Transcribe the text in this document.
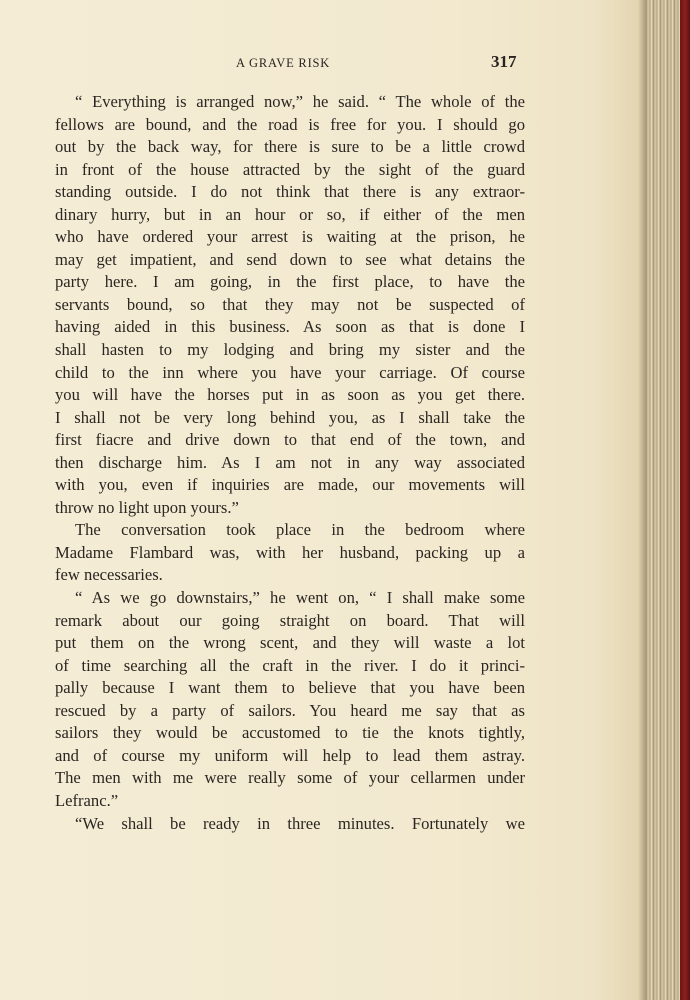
A GRAVE RISK	317
“ Everything is arranged now,” he said. “ The whole of the
fellows are bound, and the road is free for you. I should go
out by the back way, for there is sure to be a little crowd
in front of the house attracted by the sight of the guard
standing outside. I do not think that there is any extraor-
dinary hurry, but in an hour or so, if either of the men
who have ordered your arrest is waiting at the prison, he
may get impatient, and send down to see what detains the
party here. I am going, in the first place, to have the
servants bound, so that they may not be suspected of
having aided in this business. As soon as that is done I
shall hasten to my lodging and bring my sister and the
child to the inn where you have your carriage. Of course
you will have the horses put in as soon as you get there.
I shall not be very long behind you, as I shall take the
first fiacre and drive down to that end of the town, and
then discharge him. As I am not in any way associated
with you, even if inquiries are made, our movements will
throw no light upon yours.”
The conversation took place in the bedroom where
Madame Flambard was, with her husband, packing up a
few necessaries.
“ As we go downstairs,” he went on, “ I shall make some
remark about our going straight on board. That will
put them on the wrong scent, and they will waste a lot
of time searching all the craft in the river. I do it princi-
pally because I want them to believe that you have been
rescued by a party of sailors. You heard me say that as
sailors they would be accustomed to tie the knots tightly,
and of course my uniform will help to lead them astray.
The men with me were really some of your cellarmen under
Lefranc.”
“We shall be ready in three minutes. Fortunately we
